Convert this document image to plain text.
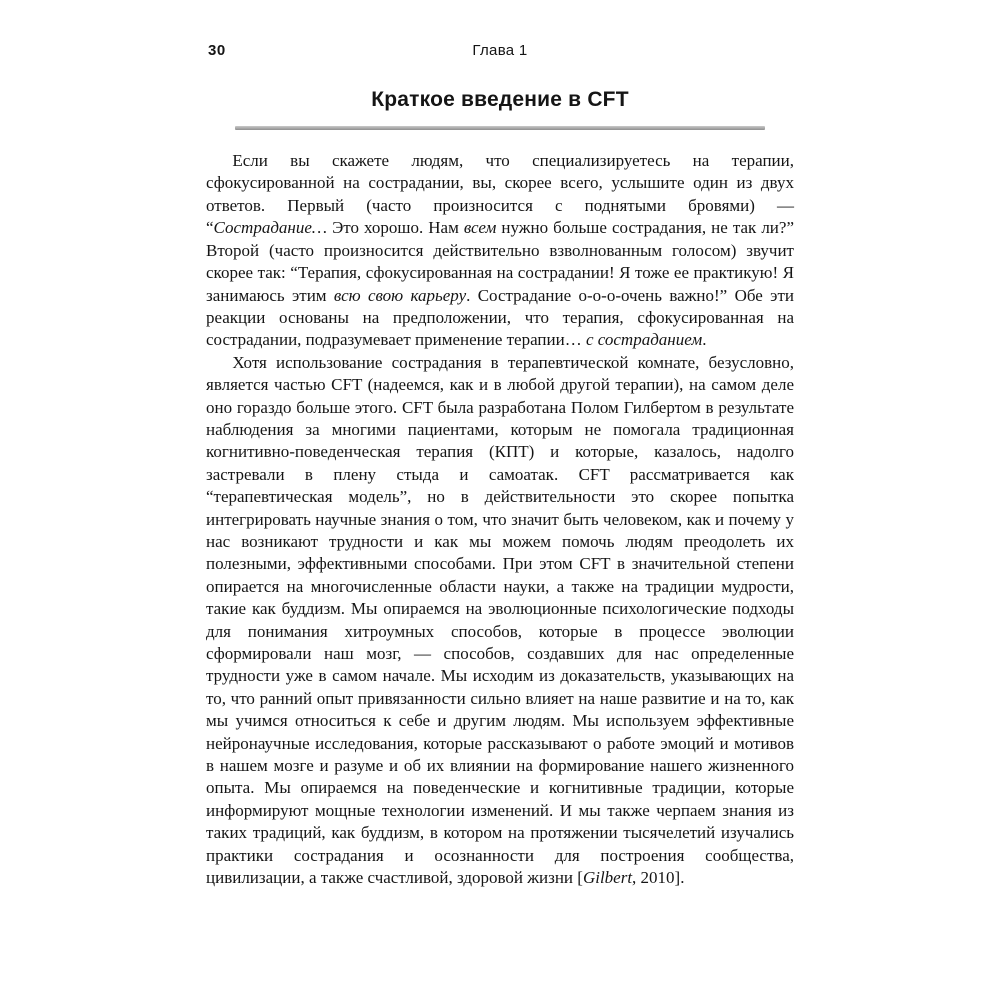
30	Глава 1
Краткое введение в CFT

Если вы скажете людям, что специализируетесь на терапии, сфокусированной на сострадании, вы, скорее всего, услышите один из двух ответов. Первый (часто произносится с поднятыми бровями) — “Сострадание… Это хорошо. Нам всем нужно больше сострадания, не так ли?” Второй (часто произносится действительно взволнованным голосом) звучит скорее так: “Терапия, сфокусированная на сострадании! Я тоже ее практикую! Я занимаюсь этим всю свою карьеру. Сострадание о-о-о-очень важно!” Обе эти реакции основаны на предположении, что терапия, сфокусированная на сострадании, подразумевает применение терапии… с состраданием.

Хотя использование сострадания в терапевтической комнате, безусловно, является частью CFT (надеемся, как и в любой другой терапии), на самом деле оно гораздо больше этого. CFT была разработана Полом Гилбертом в результате наблюдения за многими пациентами, которым не помогала традиционная когнитивно-поведенческая терапия (КПТ) и которые, казалось, надолго застревали в плену стыда и самоатак. CFT рассматривается как “терапевтическая модель”, но в действительности это скорее попытка интегрировать научные знания о том, что значит быть человеком, как и почему у нас возникают трудности и как мы можем помочь людям преодолеть их полезными, эффективными способами. При этом CFT в значительной степени опирается на многочисленные области науки, а также на традиции мудрости, такие как буддизм. Мы опираемся на эволюционные психологические подходы для понимания хитроумных способов, которые в процессе эволюции сформировали наш мозг, — способов, создавших для нас определенные трудности уже в самом начале. Мы исходим из доказательств, указывающих на то, что ранний опыт привязанности сильно влияет на наше развитие и на то, как мы учимся относиться к себе и другим людям. Мы используем эффективные нейронаучные исследования, которые рассказывают о работе эмоций и мотивов в нашем мозге и разуме и об их влиянии на формирование нашего жизненного опыта. Мы опираемся на поведенческие и когнитивные традиции, которые информируют мощные технологии изменений. И мы также черпаем знания из таких традиций, как буддизм, в котором на протяжении тысячелетий изучались практики сострадания и осознанности для построения сообщества, цивилизации, а также счастливой, здоровой жизни [Gilbert, 2010].
